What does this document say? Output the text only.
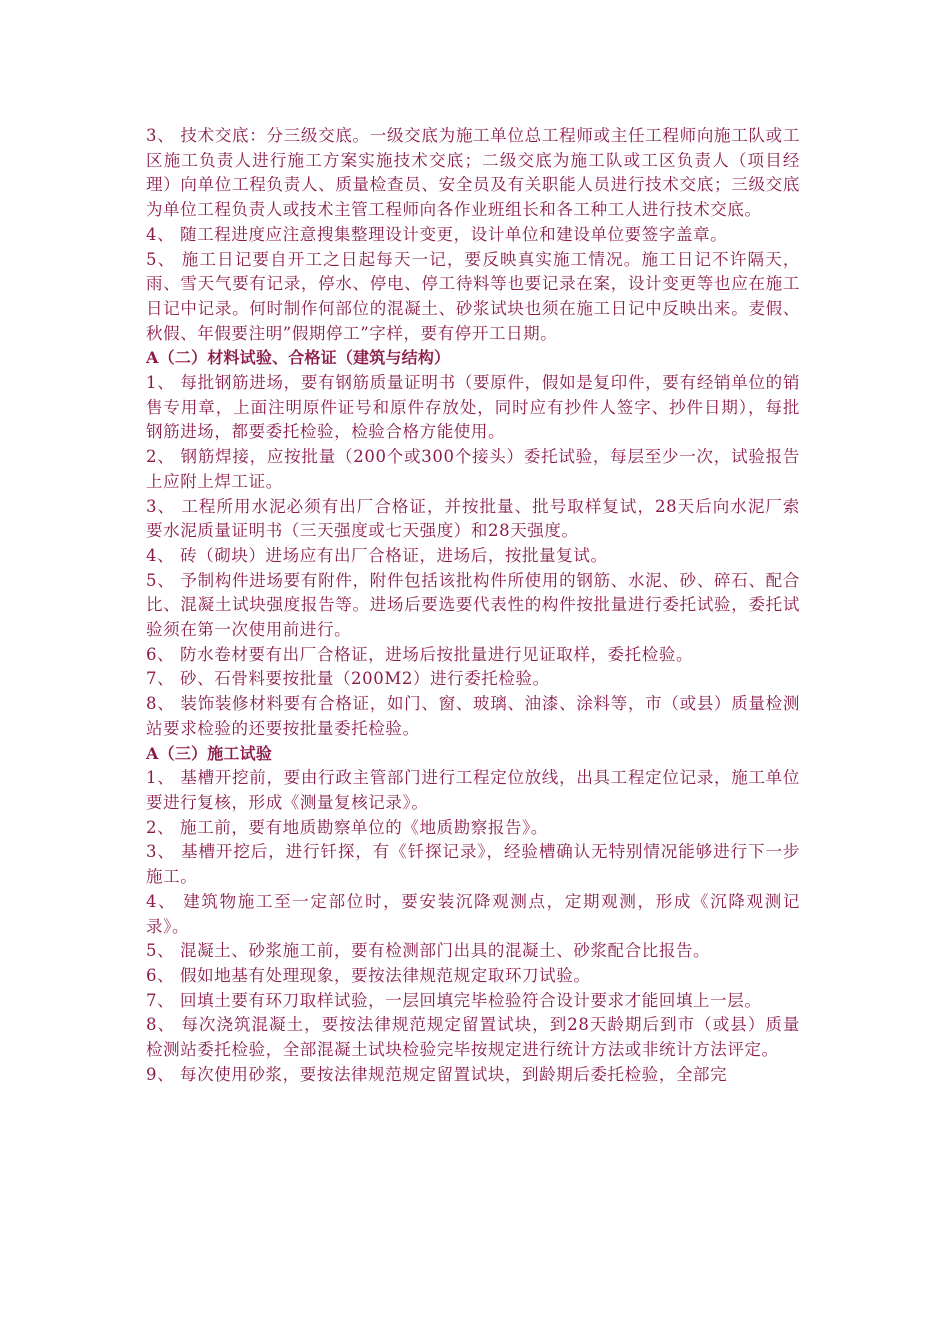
3、 技术交底：分三级交底。一级交底为施工单位总工程师或主任工程师向施工队或工区施工负责人进行施工方案实施技术交底；二级交底为施工队或工区负责人（项目经理）向单位工程负责人、质量检查员、安全员及有关职能人员进行技术交底；三级交底为单位工程负责人或技术主管工程师向各作业班组长和各工种工人进行技术交底。

4、 随工程进度应注意搜集整理设计变更，设计单位和建设单位要签字盖章。

5、 施工日记要自开工之日起每天一记，要反映真实施工情况。施工日记不许隔天，雨、雪天气要有记录，停水、停电、停工待料等也要记录在案，设计变更等也应在施工日记中记录。何时制作何部位的混凝土、砂浆试块也须在施工日记中反映出来。麦假、秋假、年假要注明”假期停工”字样，要有停开工日期。

A（二）材料试验、合格证（建筑与结构）

1、 每批钢筋进场，要有钢筋质量证明书（要原件，假如是复印件，要有经销单位的销售专用章，上面注明原件证号和原件存放处，同时应有抄件人签字、抄件日期），每批钢筋进场，都要委托检验，检验合格方能使用。

2、 钢筋焊接，应按批量（200个或300个接头）委托试验，每层至少一次，试验报告上应附上焊工证。

3、 工程所用水泥必须有出厂合格证，并按批量、批号取样复试，28天后向水泥厂索要水泥质量证明书（三天强度或七天强度）和28天强度。

4、 砖（砌块）进场应有出厂合格证，进场后，按批量复试。

5、 予制构件进场要有附件，附件包括该批构件所使用的钢筋、水泥、砂、碎石、配合比、混凝土试块强度报告等。进场后要选要代表性的构件按批量进行委托试验，委托试验须在第一次使用前进行。

6、 防水卷材要有出厂合格证，进场后按批量进行见证取样，委托检验。

7、 砂、石骨料要按批量（200M2）进行委托检验。

8、 装饰装修材料要有合格证，如门、窗、玻璃、油漆、涂料等，市（或县）质量检测站要求检验的还要按批量委托检验。

A（三）施工试验

1、 基槽开挖前，要由行政主管部门进行工程定位放线，出具工程定位记录，施工单位要进行复核，形成《测量复核记录》。

2、 施工前，要有地质勘察单位的《地质勘察报告》。

3、 基槽开挖后，进行钎探，有《钎探记录》，经验槽确认无特别情况能够进行下一步施工。

4、 建筑物施工至一定部位时，要安装沉降观测点，定期观测，形成《沉降观测记录》。

5、 混凝土、砂浆施工前，要有检测部门出具的混凝土、砂浆配合比报告。

6、 假如地基有处理现象，要按法律规范规定取环刀试验。

7、 回填土要有环刀取样试验，一层回填完毕检验符合设计要求才能回填上一层。

8、 每次浇筑混凝土，要按法律规范规定留置试块，到28天龄期后到市（或县）质量检测站委托检验，全部混凝土试块检验完毕按规定进行统计方法或非统计方法评定。

9、 每次使用砂浆，要按法律规范规定留置试块，到龄期后委托检验，全部完
